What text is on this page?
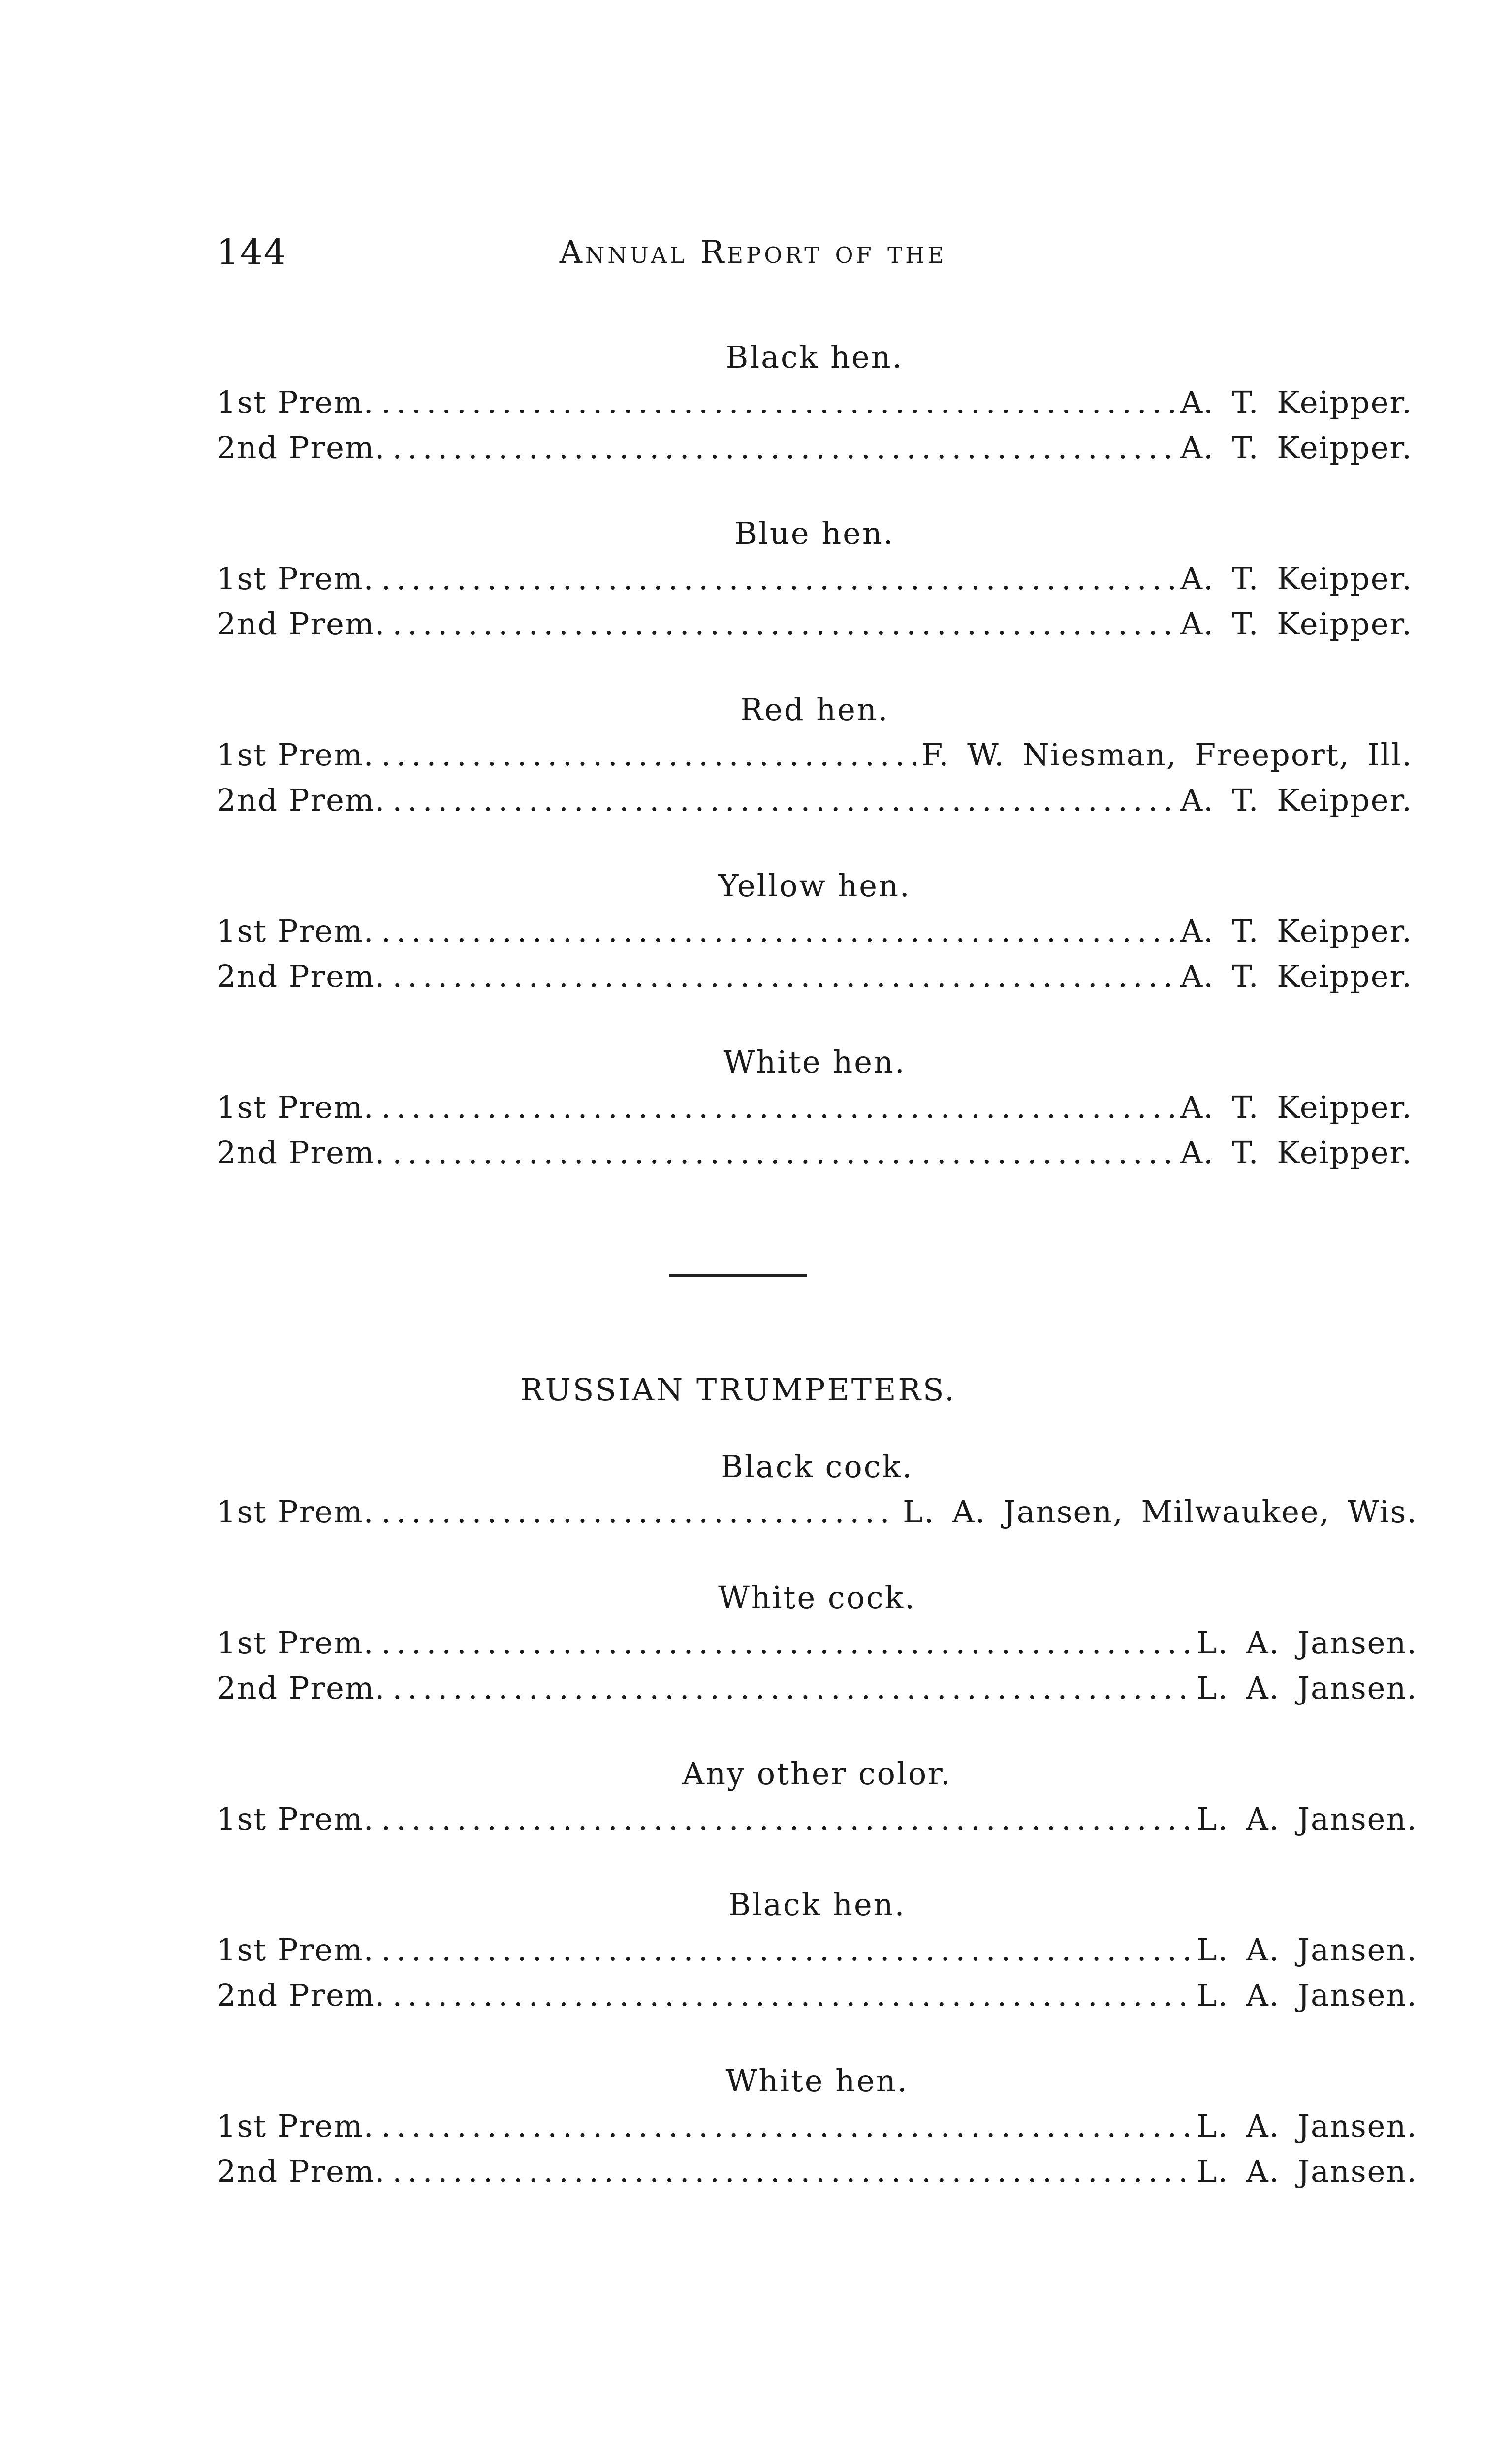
144	Annual Report of the
Black hen.
1st Prem. .....	A. T. Keipper.
2nd Prem. .....	A. T. Keipper.
Blue hen.
1st Prem. .....	A. T. Keipper.
2nd Prem. .....	A. T. Keipper.
Red hen.
1st Prem. .....	F. W. Niesman, Freeport, Ill.
2nd Prem. .....	A. T. Keipper.
Yellow hen.
1st Prem. .....	A. T. Keipper.
2nd Prem. .....	A. T. Keipper.
White hen.
1st Prem. .....	A. T. Keipper.
2nd Prem. .....	A. T. Keipper.
RUSSIAN TRUMPETERS.
Black cock.
1st Prem. .....	L. A. Jansen, Milwaukee, Wis.
White cock.
1st Prem. .....	L. A. Jansen.
2nd Prem. .....	L. A. Jansen.
Any other color.
1st Prem. .....	L. A. Jansen.
Black hen.
1st Prem. .....	L. A. Jansen.
2nd Prem. .....	L. A. Jansen.
White hen.
1st Prem. .....	L. A. Jansen.
2nd Prem. .....	L. A. Jansen.
